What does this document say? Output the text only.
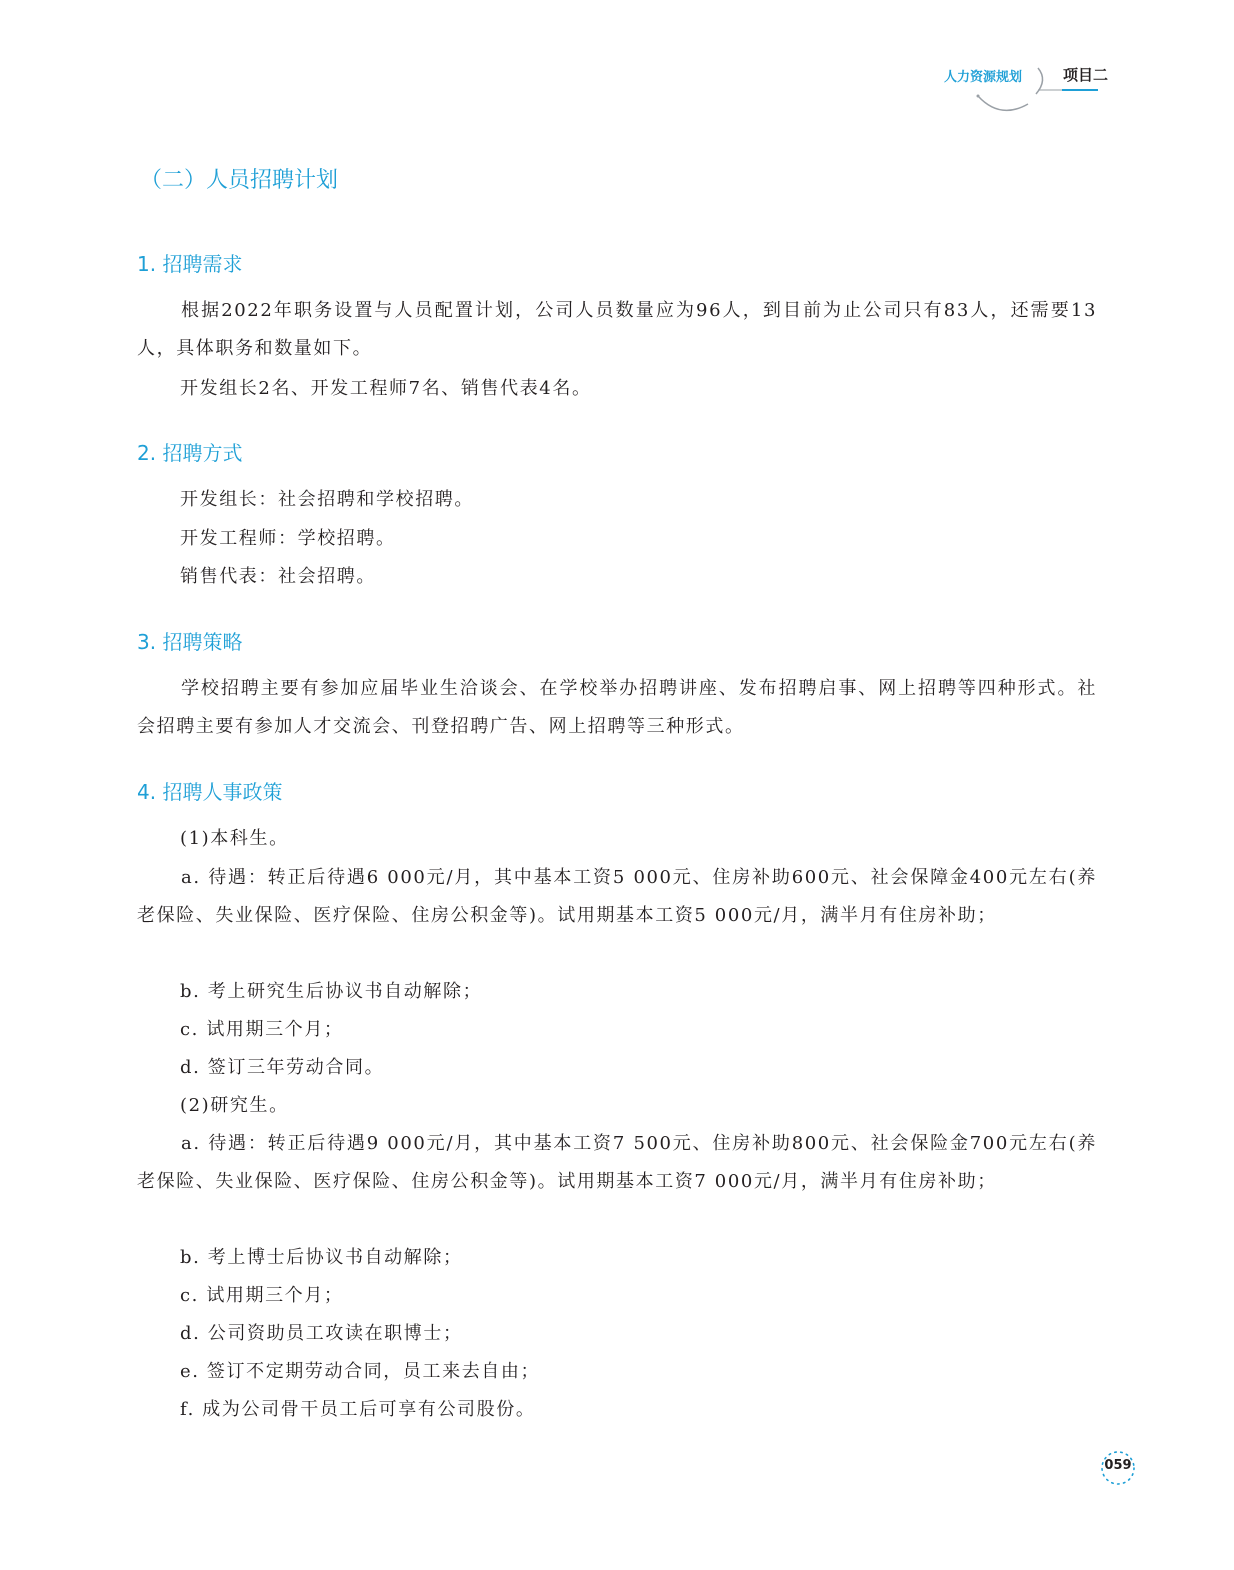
人力资源规划	项目二
（二）人员招聘计划
1. 招聘需求

根据2022年职务设置与人员配置计划，公司人员数量应为96人，到目前为止公司只有83人，还需要13人，具体职务和数量如下。

开发组长2名、开发工程师7名、销售代表4名。

2. 招聘方式

开发组长：社会招聘和学校招聘。

开发工程师：学校招聘。

销售代表：社会招聘。

3. 招聘策略

学校招聘主要有参加应届毕业生洽谈会、在学校举办招聘讲座、发布招聘启事、网上招聘等四种形式。社会招聘主要有参加人才交流会、刊登招聘广告、网上招聘等三种形式。

4. 招聘人事政策

(1)本科生。

a. 待遇：转正后待遇6 000元/月，其中基本工资5 000元、住房补助600元、社会保障金400元左右(养老保险、失业保险、医疗保险、住房公积金等)。试用期基本工资5 000元/月，满半月有住房补助；

b. 考上研究生后协议书自动解除；

c. 试用期三个月；

d. 签订三年劳动合同。

(2)研究生。

a. 待遇：转正后待遇9 000元/月，其中基本工资7 500元、住房补助800元、社会保险金700元左右(养老保险、失业保险、医疗保险、住房公积金等)。试用期基本工资7 000元/月，满半月有住房补助；

b. 考上博士后协议书自动解除；

c. 试用期三个月；

d. 公司资助员工攻读在职博士；

e. 签订不定期劳动合同，员工来去自由；

f. 成为公司骨干员工后可享有公司股份。

059
